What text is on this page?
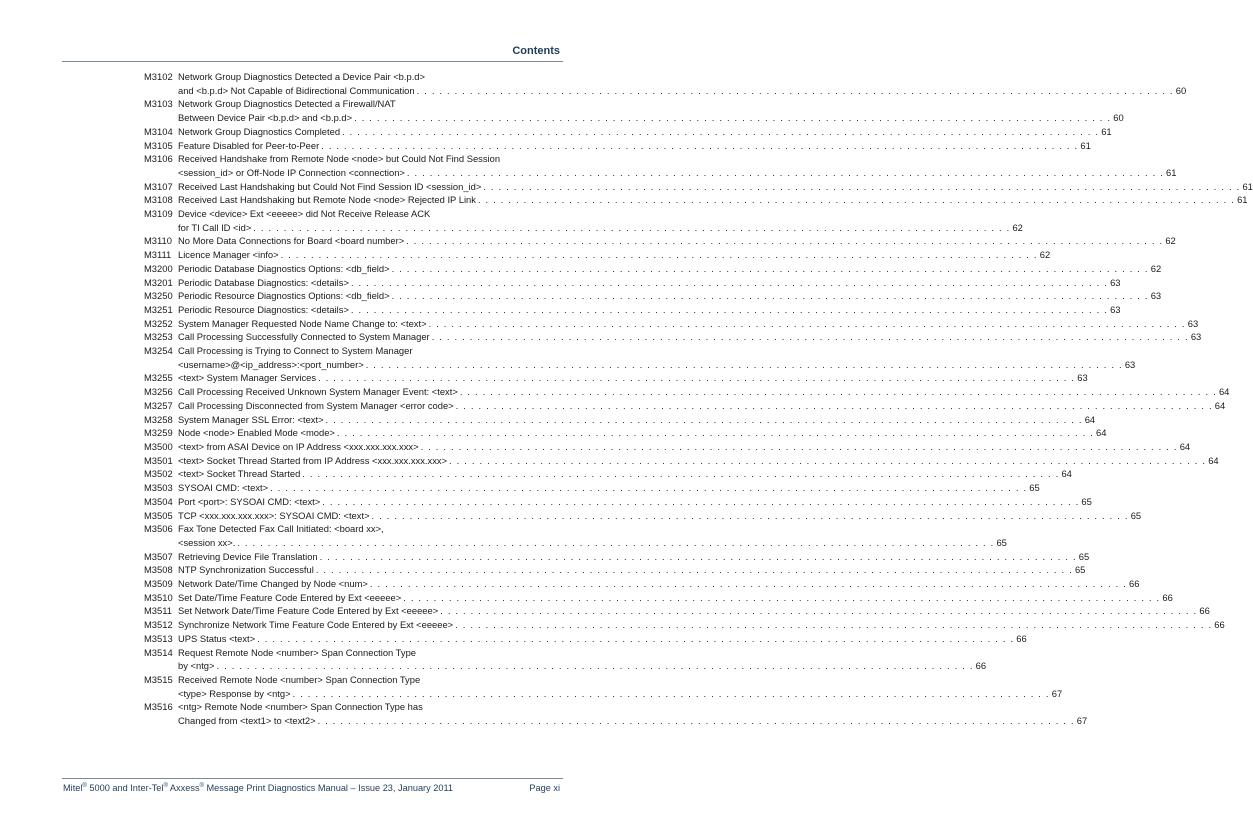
Contents
M3102 Network Group Diagnostics Detected a Device Pair <b.p.d>
and <b.p.d> Not Capable of Bidirectional Communication . . .	60
M3103 Network Group Diagnostics Detected a Firewall/NAT
Between Device Pair <b.p.d> and <b.p.d> . . .	60
M3104 Network Group Diagnostics Completed . . .	61
M3105 Feature Disabled for Peer-to-Peer . . .	61
M3106 Received Handshake from Remote Node <node> but Could Not Find Session
<session_id> or Off-Node IP Connection <connection> . . .	61
M3107 Received Last Handshaking but Could Not Find Session ID <session_id> . . .	61
M3108 Received Last Handshaking but Remote Node <node> Rejected IP Link . . .	61
M3109 Device <device> Ext <eeeee> did Not Receive Release ACK
for TI Call ID <id> . . .	62
M3110 No More Data Connections for Board <board number> . . .	62
M3111 Licence Manager <info> . . .	62
M3200 Periodic Database Diagnostics Options: <db_field> . . .	62
M3201 Periodic Database Diagnostics: <details> . . .	63
M3250 Periodic Resource Diagnostics Options: <db_field> . . .	63
M3251 Periodic Resource Diagnostics: <details> . . .	63
M3252 System Manager Requested Node Name Change to: <text> . . .	63
M3253 Call Processing Successfully Connected to System Manager . . .	63
M3254 Call Processing is Trying to Connect to System Manager
<username>@<ip_address>:<port_number> . . .	63
M3255 <text> System Manager Services . . .	63
M3256 Call Processing Received Unknown System Manager Event: <text> . . .	64
M3257 Call Processing Disconnected from System Manager <error code> . . .	64
M3258 System Manager SSL Error: <text> . . .	64
M3259 Node <node> Enabled Mode <mode> . . .	64
M3500 <text> from ASAI Device on IP Address <xxx.xxx.xxx.xxx> . . .	64
M3501 <text> Socket Thread Started from IP Address <xxx.xxx.xxx.xxx> . . .	64
M3502 <text> Socket Thread Started . . .	64
M3503 SYSOAI CMD: <text> . . .	65
M3504 Port <port>: SYSOAI CMD: <text> . . .	65
M3505 TCP <xxx.xxx.xxx.xxx>: SYSOAI CMD: <text> . . .	65
M3506 Fax Tone Detected Fax Call Initiated: <board xx>,
<session xx>. . . .	65
M3507 Retrieving Device File Translation . . .	65
M3508 NTP Synchronization Successful . . .	65
M3509 Network Date/Time Changed by Node <num> . . .	66
M3510 Set Date/Time Feature Code Entered by Ext <eeeee> . . .	66
M3511 Set Network Date/Time Feature Code Entered by Ext <eeeee> . . .	66
M3512 Synchronize Network Time Feature Code Entered by Ext <eeeee> . . .	66
M3513 UPS Status <text> . . .	66
M3514 Request Remote Node <number> Span Connection Type
by <ntg> . . .	66
M3515 Received Remote Node <number> Span Connection Type
<type> Response by <ntg> . . .	67
M3516 <ntg> Remote Node <number> Span Connection Type has
Changed from <text1> to <text2> . . .	67
Mitel® 5000 and Inter-Tel® Axxess® Message Print Diagnostics Manual – Issue 23, January 2011	Page xi
